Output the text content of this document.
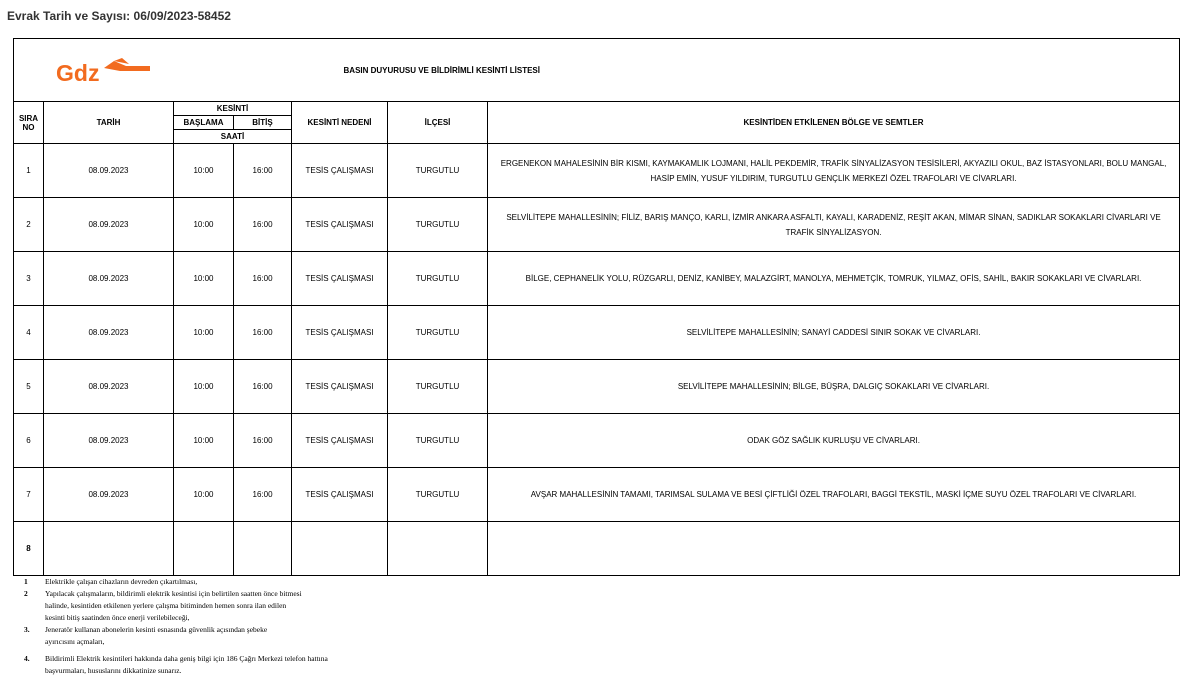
Evrak Tarih ve Sayısı: 06/09/2023-58452
Gdz			BASIN DUYURUSU VE BİLDİRİMLİ KESİNTİ LİSTESİ			
SIRA NO	TARİH	KESİNTİ		KESİNTİ NEDENİ	İLÇESİ	KESİNTİDEN ETKİLENEN BÖLGE VE SEMTLER
		BAŞLAMA	BİTİŞ			
		SAATİ				
1	08.09.2023	10:00	16:00	TESİS ÇALIŞMASI	TURGUTLU	ERGENEKON MAHALESİNİN BİR KISMI, KAYMAKAMLIK LOJMANI, HALİL PEKDEMİR, TRAFİK SİNYALİZASYON TESİSİLERİ, AKYAZILI OKUL, BAZ İSTASYONLARI, BOLU MANGAL, HASİP EMİN, YUSUF YILDIRIM, TURGUTLU GENÇLİK MERKEZİ ÖZEL TRAFOLARI VE CİVARLARI.
2	08.09.2023	10:00	16:00	TESİS ÇALIŞMASI	TURGUTLU	SELVİLİTEPE MAHALLESİNİN; FİLİZ, BARIŞ MANÇO, KARLI, İZMİR ANKARA ASFALTI, KAYALI, KARADENİZ, REŞİT AKAN, MİMAR SİNAN, SADIKLAR SOKAKLARI CİVARLARI VE TRAFİK SİNYALİZASYON.
3	08.09.2023	10:00	16:00	TESİS ÇALIŞMASI	TURGUTLU	BİLGE, CEPHANELİK YOLU, RÜZGARLI, DENİZ, KANİBEY, MALAZGİRT, MANOLYA, MEHMETÇİK, TOMRUK, YILMAZ, OFİS, SAHİL, BAKIR SOKAKLARI VE CİVARLARI.
4	08.09.2023	10:00	16:00	TESİS ÇALIŞMASI	TURGUTLU	SELVİLİTEPE MAHALLESİNİN; SANAYİ CADDESİ SINIR SOKAK VE CİVARLARI.
5	08.09.2023	10:00	16:00	TESİS ÇALIŞMASI	TURGUTLU	SELVİLİTEPE MAHALLESİNİN; BİLGE, BÜŞRA, DALGIÇ SOKAKLARI VE CİVARLARI.
6	08.09.2023	10:00	16:00	TESİS ÇALIŞMASI	TURGUTLU	ODAK GÖZ SAĞLIK KURLUŞU VE CİVARLARI.
7	08.09.2023	10:00	16:00	TESİS ÇALIŞMASI	TURGUTLU	AVŞAR MAHALLESİNİN TAMAMI, TARIMSAL SULAMA VE BESİ ÇİFTLİĞİ ÖZEL TRAFOLARI, BAGGİ TEKSTİL, MASKİ İÇME SUYU ÖZEL TRAFOLARI VE CİVARLARI.
8						
1	Elektrikle çalışan cihazların devreden çıkartılması,
2	Yapılacak çalışmaların, bildirimli elektrik kesintisi için belirtilen saatten önce bitmesi
halinde, kesintiden etkilenen yerlere çalışma bitiminden hemen sonra ilan edilen
kesinti bitiş saatinden önce enerji verilebileceği,
3.	Jeneratör kullanan abonelerin kesinti esnasında güvenlik açısından şebeke
ayırıcısını açmaları,
4.	Bildirimli Elektrik kesintileri hakkında daha geniş bilgi için 186 Çağrı Merkezi telefon hattına
başvurmaları, hususlarını dikkatinize sunarız.
